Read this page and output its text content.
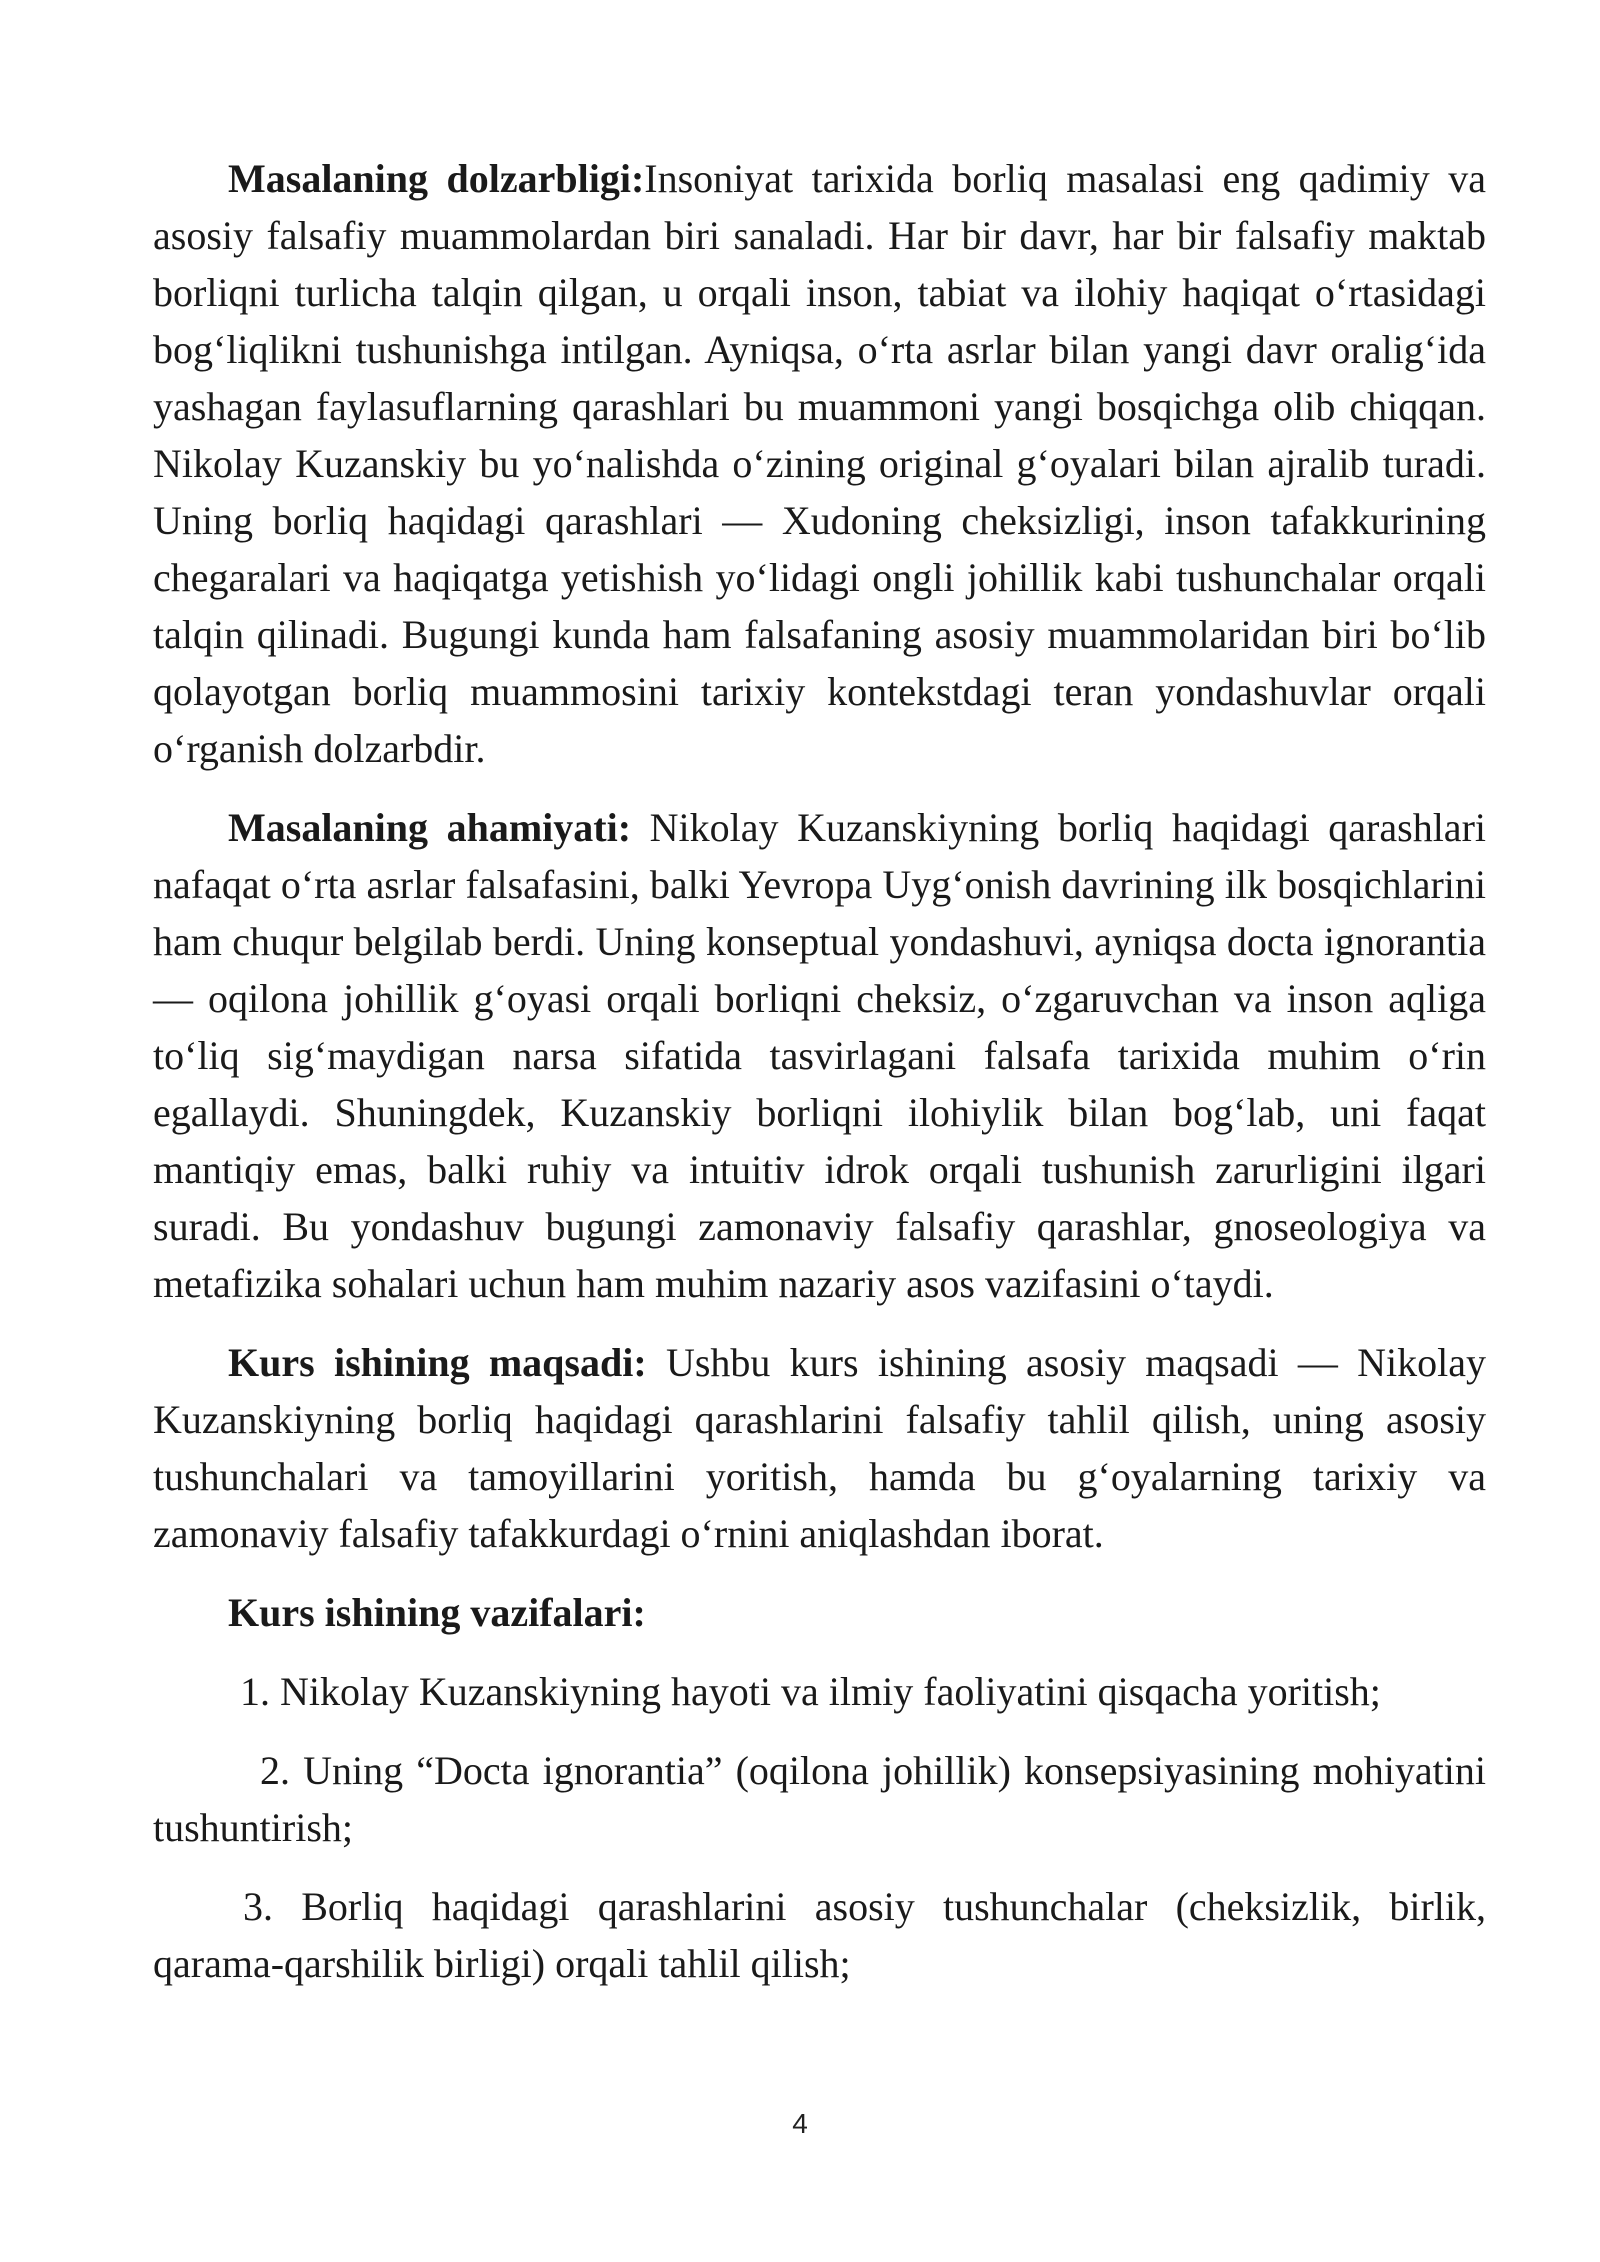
Masalaning dolzarbligi:Insoniyat tarixida borliq masalasi eng qadimiy va asosiy falsafiy muammolardan biri sanaladi. Har bir davr, har bir falsafiy maktab borliqni turlicha talqin qilgan, u orqali inson, tabiat va ilohiy haqiqat o‘rtasidagi bog‘liqlikni tushunishga intilgan. Ayniqsa, o‘rta asrlar bilan yangi davr oralig‘ida yashagan faylasuflarning qarashlari bu muammoni yangi bosqichga olib chiqqan. Nikolay Kuzanskiy bu yo‘nalishda o‘zining original g‘oyalari bilan ajralib turadi. Uning borliq haqidagi qarashlari — Xudoning cheksizligi, inson tafakkurining chegaralari va haqiqatga yetishish yo‘lidagi ongli johillik kabi tushunchalar orqali talqin qilinadi. Bugungi kunda ham falsafaning asosiy muammolaridan biri bo‘lib qolayotgan borliq muammosini tarixiy kontekstdagi teran yondashuvlar orqali o‘rganish dolzarbdir.

Masalaning ahamiyati: Nikolay Kuzanskiyning borliq haqidagi qarashlari nafaqat o‘rta asrlar falsafasini, balki Yevropa Uyg‘onish davrining ilk bosqichlarini ham chuqur belgilab berdi. Uning konseptual yondashuvi, ayniqsa docta ignorantia — oqilona johillik g‘oyasi orqali borliqni cheksiz, o‘zgaruvchan va inson aqliga to‘liq sig‘maydigan narsa sifatida tasvirlagani falsafa tarixida muhim o‘rin egallaydi. Shuningdek, Kuzanskiy borliqni ilohiylik bilan bog‘lab, uni faqat mantiqiy emas, balki ruhiy va intuitiv idrok orqali tushunish zarurligini ilgari suradi. Bu yondashuv bugungi zamonaviy falsafiy qarashlar, gnoseologiya va metafizika sohalari uchun ham muhim nazariy asos vazifasini o‘taydi.

Kurs ishining maqsadi: Ushbu kurs ishining asosiy maqsadi — Nikolay Kuzanskiyning borliq haqidagi qarashlarini falsafiy tahlil qilish, uning asosiy tushunchalari va tamoyillarini yoritish, hamda bu g‘oyalarning tarixiy va zamonaviy falsafiy tafakkurdagi o‘rnini aniqlashdan iborat.

Kurs ishining vazifalari:

1. Nikolay Kuzanskiyning hayoti va ilmiy faoliyatini qisqacha yoritish;

2. Uning “Docta ignorantia” (oqilona johillik) konsepsiyasining mohiyatini tushuntirish;

3. Borliq haqidagi qarashlarini asosiy tushunchalar (cheksizlik, birlik, qarama-qarshilik birligi) orqali tahlil qilish;

4
